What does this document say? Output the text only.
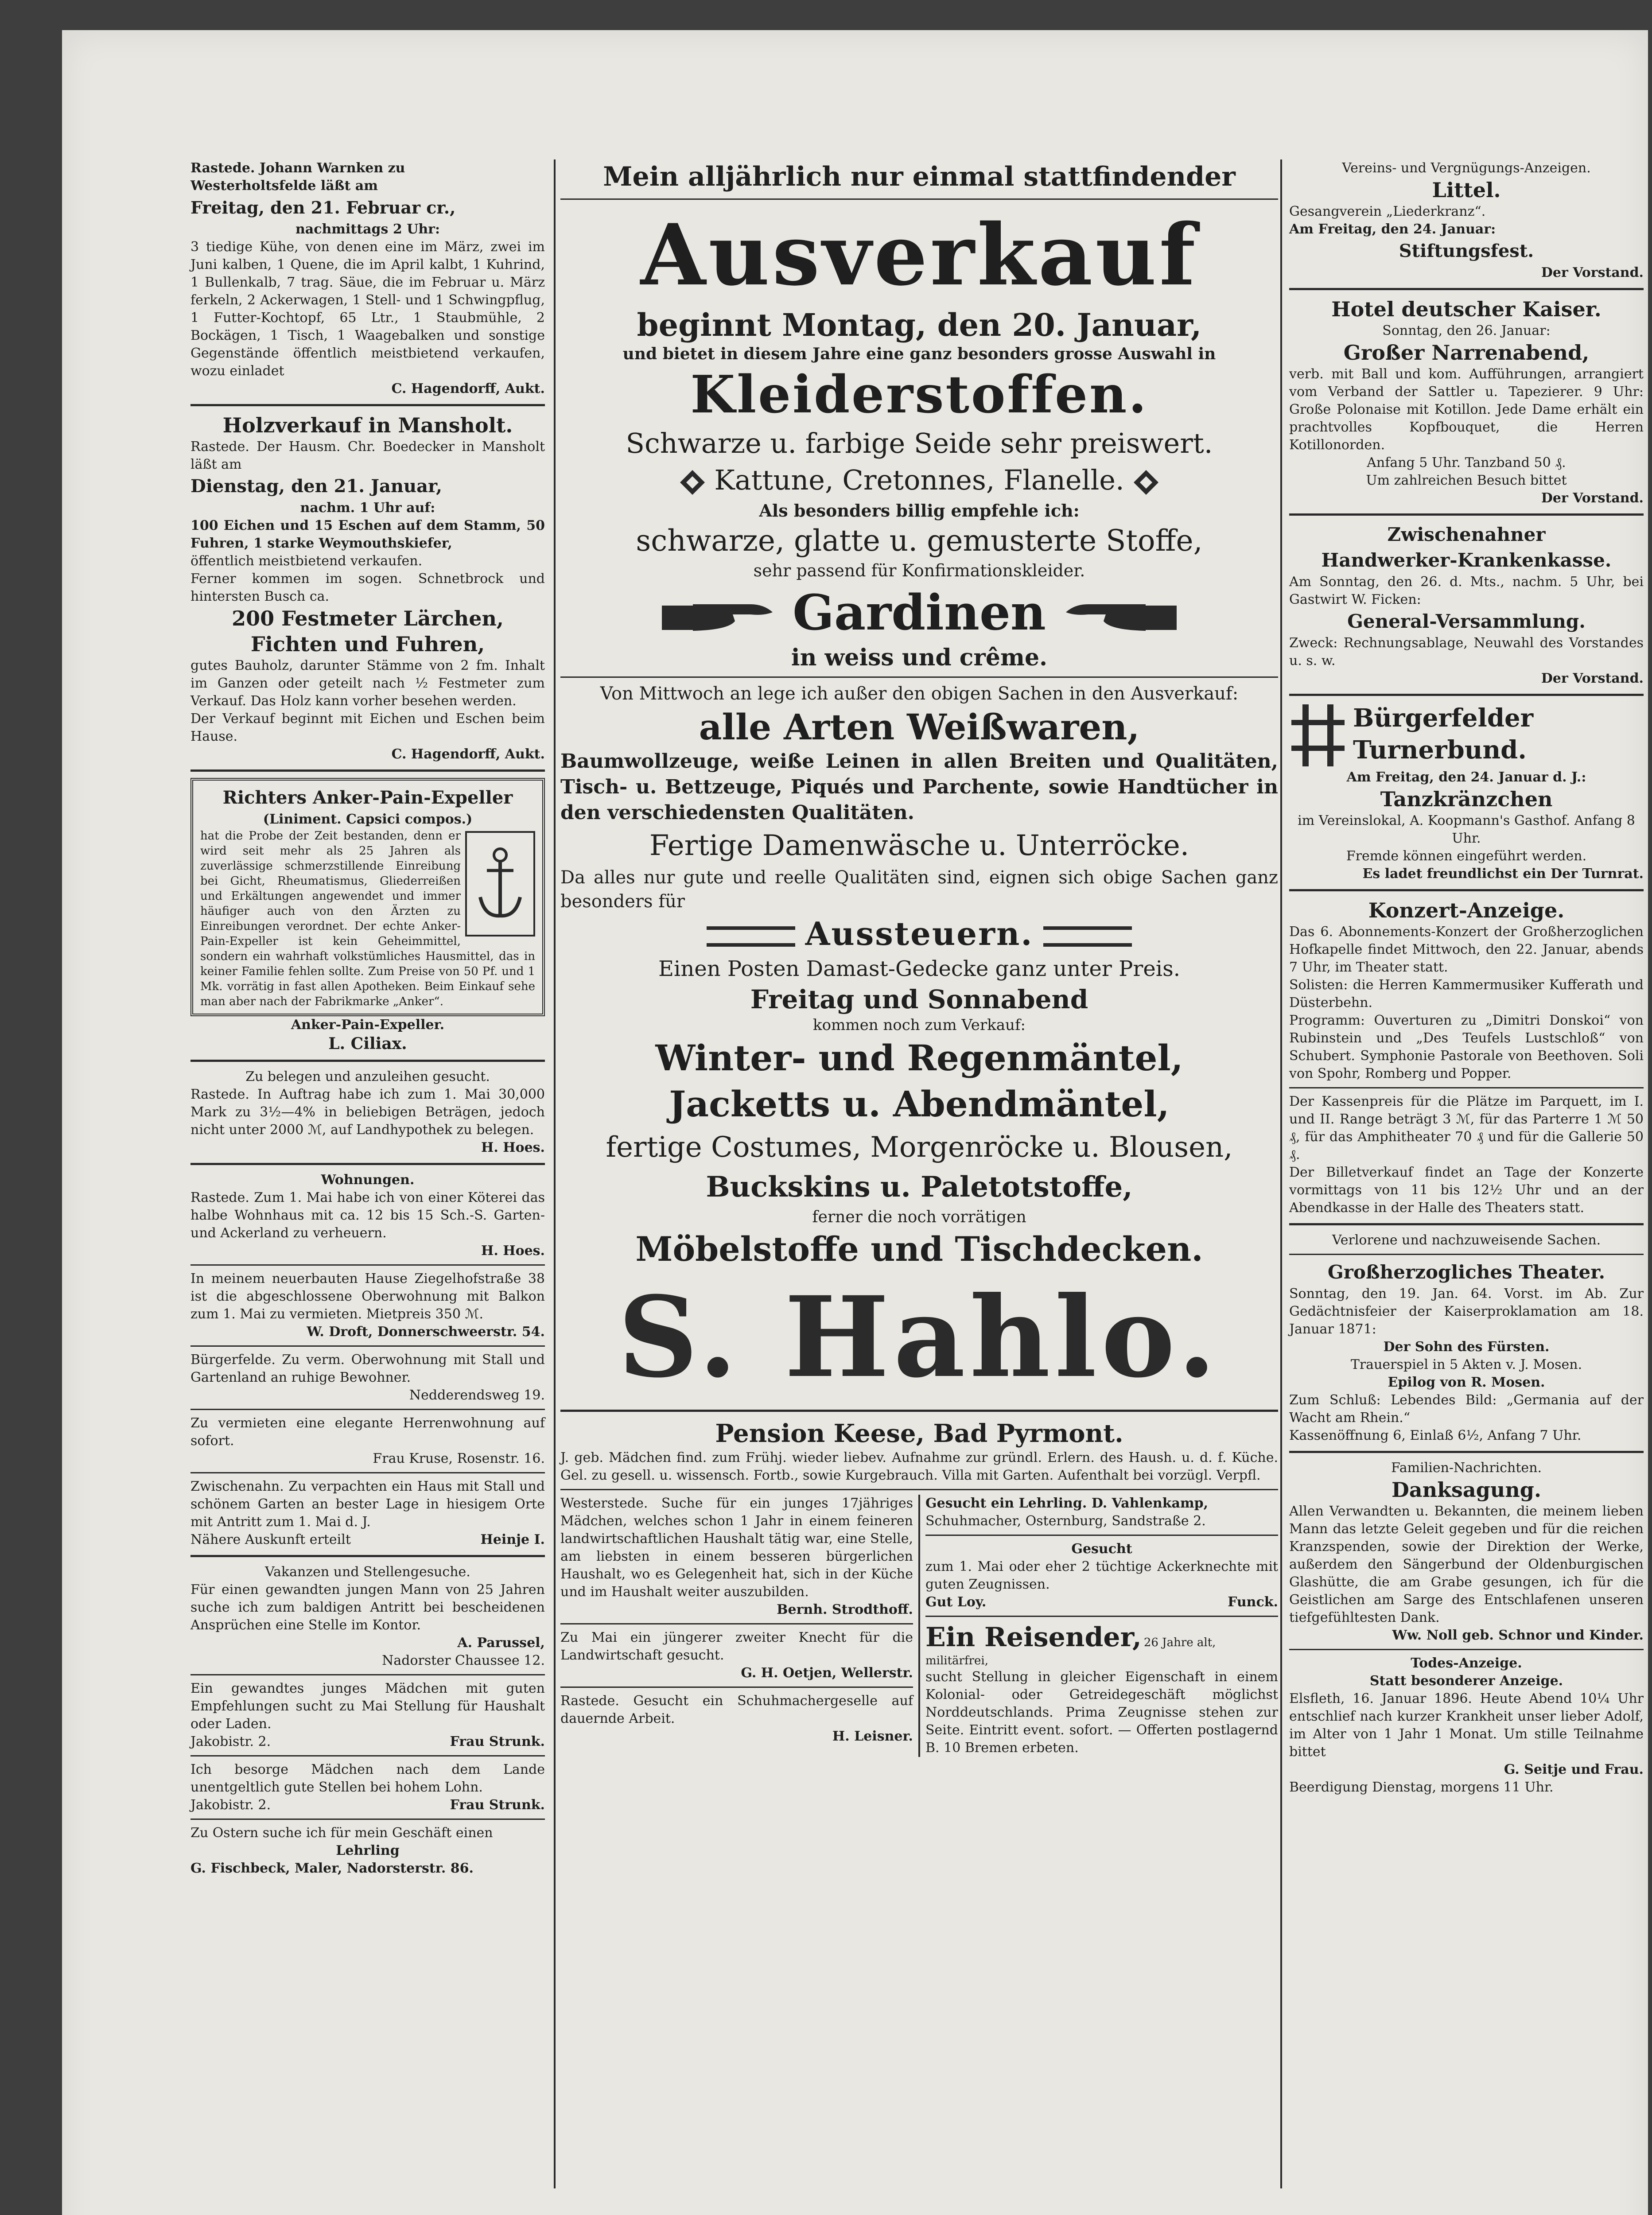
Rastede. Johann Warnken zu

Westerholtsfelde läßt am

Freitag, den 21. Februar cr.,

nachmittags 2 Uhr:

3 tiedige Kühe, von denen eine im März, zwei im Juni kalben, 1 Quene, die im April kalbt, 1 Kuhrind, 1 Bullenkalb, 7 trag. Säue, die im Februar u. März ferkeln, 2 Ackerwagen, 1 Stell- und 1 Schwingpflug, 1 Futter-Kochtopf, 65 Ltr., 1 Staubmühle, 2 Bockägen, 1 Tisch, 1 Waagebalken und sonstige Gegenstände öffentlich meistbietend verkaufen, wozu einladet

C. Hagendorff, Aukt.

Holzverkauf in Mansholt.

Rastede. Der Hausm. Chr. Boedecker in Mansholt läßt am

Dienstag, den 21. Januar,

nachm. 1 Uhr auf:

100 Eichen und 15 Eschen auf dem Stamm, 50 Fuhren, 1 starke Weymouthskiefer,

öffentlich meistbietend verkaufen.

Ferner kommen im sogen. Schnetbrock und hintersten Busch ca.

200 Festmeter Lärchen,

Fichten und Fuhren,

gutes Bauholz, darunter Stämme von 2 fm. Inhalt im Ganzen oder geteilt nach ½ Festmeter zum Verkauf. Das Holz kann vorher besehen werden.

Der Verkauf beginnt mit Eichen und Eschen beim Hause.

C. Hagendorff, Aukt.

Richters Anker-Pain-Expeller

(Liniment. Capsici compos.)

hat die Probe der Zeit bestanden, denn er wird seit mehr als 25 Jahren als zuverlässige schmerzstillende Einreibung bei Gicht, Rheumatismus, Gliederreißen und Erkältungen angewendet und immer häufiger auch von den Ärzten zu Einreibungen verordnet. Der echte Anker-Pain-Expeller ist kein Geheimmittel, sondern ein wahrhaft volkstümliches Hausmittel, das in keiner Familie fehlen sollte. Zum Preise von 50 Pf. und 1 Mk. vorrätig in fast allen Apotheken. Beim Einkauf sehe man aber nach der Fabrikmarke „Anker“.

Anker-Pain-Expeller.

L. Ciliax.

Zu belegen und anzuleihen gesucht.

Rastede. In Auftrag habe ich zum 1. Mai 30,000 Mark zu 3½—4% in beliebigen Beträgen, jedoch nicht unter 2000 ℳ, auf Landhypothek zu belegen.

H. Hoes.

Wohnungen.

Rastede. Zum 1. Mai habe ich von einer Köterei das halbe Wohnhaus mit ca. 12 bis 15 Sch.-S. Garten- und Ackerland zu verheuern.

H. Hoes.

In meinem neuerbauten Hause Ziegelhofstraße 38 ist die abgeschlossene Oberwohnung mit Balkon zum 1. Mai zu vermieten. Mietpreis 350 ℳ.

W. Droft, Donnerschweerstr. 54.

Bürgerfelde. Zu verm. Oberwohnung mit Stall und Gartenland an ruhige Bewohner.

Nedderendsweg 19.

Zu vermieten eine elegante Herrenwohnung auf sofort.

Frau Kruse, Rosenstr. 16.

Zwischenahn. Zu verpachten ein Haus mit Stall und schönem Garten an bester Lage in hiesigem Orte mit Antritt zum 1. Mai d. J.

Nähere Auskunft erteilt	Heinje I.

Vakanzen und Stellengesuche.

Für einen gewandten jungen Mann von 25 Jahren suche ich zum baldigen Antritt bei bescheidenen Ansprüchen eine Stelle im Kontor.

A. Parussel,

Nadorster Chaussee 12.

Ein gewandtes junges Mädchen mit guten Empfehlungen sucht zu Mai Stellung für Haushalt oder Laden.

Jakobistr. 2.	Frau Strunk.

Ich besorge Mädchen nach dem Lande unentgeltlich gute Stellen bei hohem Lohn.

Jakobistr. 2.	Frau Strunk.

Zu Ostern suche ich für mein Geschäft einen

Lehrling

G. Fischbeck, Maler, Nadorsterstr. 86.

Mein alljährlich nur einmal stattfindender

Ausverkauf

beginnt Montag, den 20. Januar,

und bietet in diesem Jahre eine ganz besonders grosse Auswahl in

Kleiderstoffen.

Schwarze u. farbige Seide sehr preiswert.

Kattune, Cretonnes, Flanelle.

Als besonders billig empfehle ich:

schwarze, glatte u. gemusterte Stoffe,

sehr passend für Konfirmationskleider.

Gardinen

in weiss und crême.

Von Mittwoch an lege ich außer den obigen Sachen in den Ausverkauf:

alle Arten Weißwaren,

Baumwollzeuge, weiße Leinen in allen Breiten und Qualitäten, Tisch- u. Bettzeuge, Piqués und Parchente, sowie Handtücher in den verschiedensten Qualitäten.

Fertige Damenwäsche u. Unterröcke.

Da alles nur gute und reelle Qualitäten sind, eignen sich obige Sachen ganz besonders für

Aussteuern.

Einen Posten Damast-Gedecke ganz unter Preis.

Freitag und Sonnabend

kommen noch zum Verkauf:

Winter- und Regenmäntel,

Jacketts u. Abendmäntel,

fertige Costumes, Morgenröcke u. Blousen,

Buckskins u. Paletotstoffe,

ferner die noch vorrätigen

Möbelstoffe und Tischdecken.

S. Hahlo.

Pension Keese, Bad Pyrmont.

J. geb. Mädchen find. zum Frühj. wieder liebev. Aufnahme zur gründl. Erlern. des Haush. u. d. f. Küche. Gel. zu gesell. u. wissensch. Fortb., sowie Kurgebrauch. Villa mit Garten. Aufenthalt bei vorzügl. Verpfl.

Westerstede. Suche für ein junges 17jähriges Mädchen, welches schon 1 Jahr in einem feineren landwirtschaftlichen Haushalt tätig war, eine Stelle, am liebsten in einem besseren bürgerlichen Haushalt, wo es Gelegenheit hat, sich in der Küche und im Haushalt weiter auszubilden.

Bernh. Strodthoff.

Zu Mai ein jüngerer zweiter Knecht für die Landwirtschaft gesucht.

G. H. Oetjen, Wellerstr.

Rastede. Gesucht ein Schuhmachergeselle auf dauernde Arbeit.

H. Leisner.

Gesucht ein Lehrling. D. Vahlenkamp,

Schuhmacher, Osternburg, Sandstraße 2.

Gesucht

zum 1. Mai oder eher 2 tüchtige Ackerknechte mit guten Zeugnissen.

Gut Loy.	Funck.

Ein Reisender, 26 Jahre alt, militärfrei,

sucht Stellung in gleicher Eigenschaft in einem Kolonial- oder Getreidegeschäft möglichst Norddeutschlands. Prima Zeugnisse stehen zur Seite. Eintritt event. sofort. — Offerten postlagernd B. 10 Bremen erbeten.

Vereins- und Vergnügungs-Anzeigen.

Littel.

Gesangverein „Liederkranz“.

Am Freitag, den 24. Januar:

Stiftungsfest.

Der Vorstand.

Hotel deutscher Kaiser.

Sonntag, den 26. Januar:

Großer Narrenabend,

verb. mit Ball und kom. Aufführungen, arrangiert vom Verband der Sattler u. Tapezierer. 9 Uhr: Große Polonaise mit Kotillon. Jede Dame erhält ein prachtvolles Kopfbouquet, die Herren Kotillonorden.

Anfang 5 Uhr. Tanzband 50 ₰.

Um zahlreichen Besuch bittet

Der Vorstand.

Zwischenahner

Handwerker-Krankenkasse.

Am Sonntag, den 26. d. Mts., nachm. 5 Uhr, bei Gastwirt W. Ficken:

General-Versammlung.

Zweck: Rechnungsablage, Neuwahl des Vorstandes u. s. w.

Der Vorstand.

Bürgerfelder

Turnerbund.

Am Freitag, den 24. Januar d. J.:

Tanzkränzchen

im Vereinslokal, A. Koopmann's Gasthof. Anfang 8 Uhr.

Fremde können eingeführt werden.

Es ladet freundlichst ein Der Turnrat.

Konzert-Anzeige.

Das 6. Abonnements-Konzert der Großherzoglichen Hofkapelle findet Mittwoch, den 22. Januar, abends 7 Uhr, im Theater statt.

Solisten: die Herren Kammermusiker Kufferath und Düsterbehn.

Programm: Ouverturen zu „Dimitri Donskoi“ von Rubinstein und „Des Teufels Lustschloß“ von Schubert. Symphonie Pastorale von Beethoven. Soli von Spohr, Romberg und Popper.

Der Kassenpreis für die Plätze im Parquett, im I. und II. Range beträgt 3 ℳ, für das Parterre 1 ℳ 50 ₰, für das Amphitheater 70 ₰ und für die Gallerie 50 ₰.

Der Billetverkauf findet an Tage der Konzerte vormittags von 11 bis 12½ Uhr und an der Abendkasse in der Halle des Theaters statt.

Verlorene und nachzuweisende Sachen.

Großherzogliches Theater.

Sonntag, den 19. Jan. 64. Vorst. im Ab. Zur Gedächtnisfeier der Kaiserproklamation am 18. Januar 1871:

Der Sohn des Fürsten.

Trauerspiel in 5 Akten v. J. Mosen.

Epilog von R. Mosen.

Zum Schluß: Lebendes Bild: „Germania auf der Wacht am Rhein.“

Kassenöffnung 6, Einlaß 6½, Anfang 7 Uhr.

Familien-Nachrichten.

Danksagung.

Allen Verwandten u. Bekannten, die meinem lieben Mann das letzte Geleit gegeben und für die reichen Kranzspenden, sowie der Direktion der Werke, außerdem den Sängerbund der Oldenburgischen Glashütte, die am Grabe gesungen, ich für die Geistlichen am Sarge des Entschlafenen unseren tiefgefühltesten Dank.

Ww. Noll geb. Schnor und Kinder.

Todes-Anzeige.

Statt besonderer Anzeige.

Elsfleth, 16. Januar 1896. Heute Abend 10¼ Uhr entschlief nach kurzer Krankheit unser lieber Adolf, im Alter von 1 Jahr 1 Monat. Um stille Teilnahme bittet

G. Seitje und Frau.

Beerdigung Dienstag, morgens 11 Uhr.
